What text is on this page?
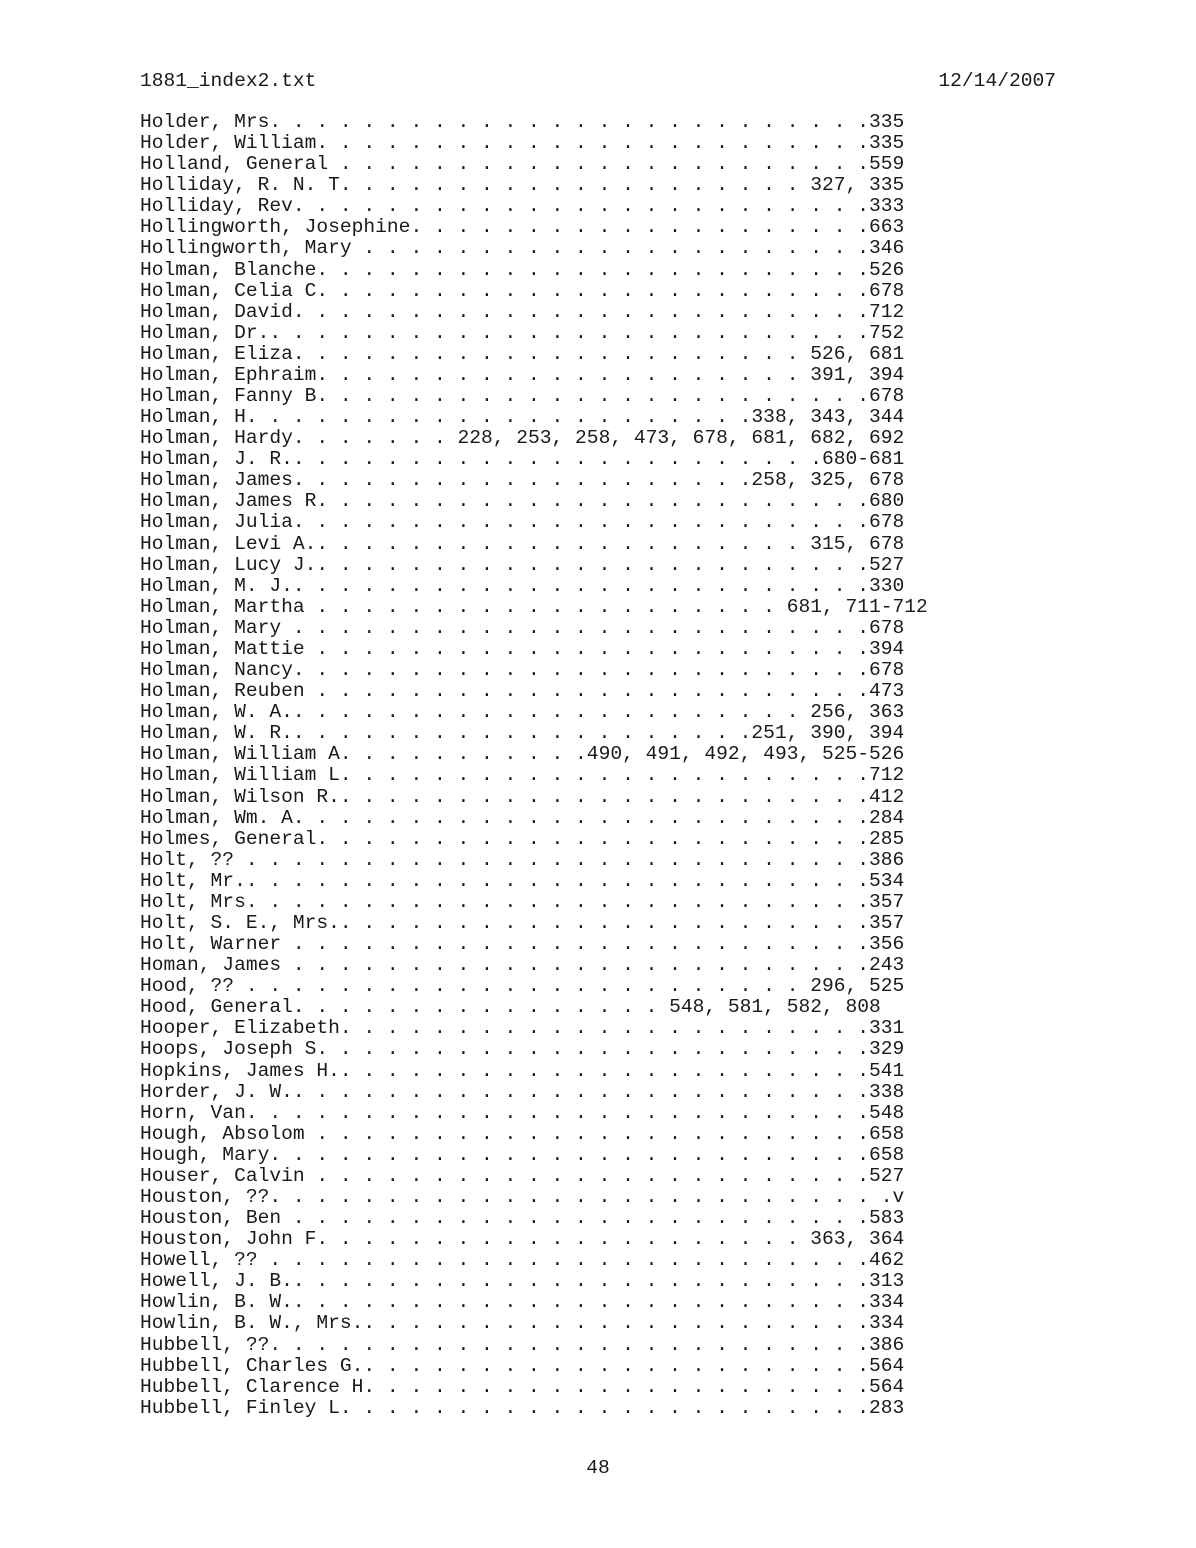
1881_index2.txt	12/14/2007
Holder, Mrs. . . . . . . . . . . . . . . . . . . . . . . . . .335
Holder, William. . . . . . . . . . . . . . . . . . . . . . . .335
Holland, General . . . . . . . . . . . . . . . . . . . . . . .559
Holliday, R. N. T. . . . . . . . . . . . . . . . . . . . 327, 335
Holliday, Rev. . . . . . . . . . . . . . . . . . . . . . . . .333
Hollingworth, Josephine. . . . . . . . . . . . . . . . . . . .663
Hollingworth, Mary . . . . . . . . . . . . . . . . . . . . . .346
Holman, Blanche. . . . . . . . . . . . . . . . . . . . . . . .526
Holman, Celia C. . . . . . . . . . . . . . . . . . . . . . . .678
Holman, David. . . . . . . . . . . . . . . . . . . . . . . . .712
Holman, Dr.. . . . . . . . . . . . . . . . . . . . . . . . . .752
Holman, Eliza. . . . . . . . . . . . . . . . . . . . . . 526, 681
Holman, Ephraim. . . . . . . . . . . . . . . . . . . . . 391, 394
Holman, Fanny B. . . . . . . . . . . . . . . . . . . . . . . .678
Holman, H. . . . . . . . . . . . . . . . . . . . . .338, 343, 344
Holman, Hardy. . . . . . . 228, 253, 258, 473, 678, 681, 682, 692
Holman, J. R.. . . . . . . . . . . . . . . . . . . . . . .680-681
Holman, James. . . . . . . . . . . . . . . . . . . .258, 325, 678
Holman, James R. . . . . . . . . . . . . . . . . . . . . . . .680
Holman, Julia. . . . . . . . . . . . . . . . . . . . . . . . .678
Holman, Levi A.. . . . . . . . . . . . . . . . . . . . . 315, 678
Holman, Lucy J.. . . . . . . . . . . . . . . . . . . . . . . .527
Holman, M. J.. . . . . . . . . . . . . . . . . . . . . . . . .330
Holman, Martha . . . . . . . . . . . . . . . . . . . . 681, 711-712
Holman, Mary . . . . . . . . . . . . . . . . . . . . . . . . .678
Holman, Mattie . . . . . . . . . . . . . . . . . . . . . . . .394
Holman, Nancy. . . . . . . . . . . . . . . . . . . . . . . . .678
Holman, Reuben . . . . . . . . . . . . . . . . . . . . . . . .473
Holman, W. A.. . . . . . . . . . . . . . . . . . . . . . 256, 363
Holman, W. R.. . . . . . . . . . . . . . . . . . . .251, 390, 394
Holman, William A. . . . . . . . . . .490, 491, 492, 493, 525-526
Holman, William L. . . . . . . . . . . . . . . . . . . . . . .712
Holman, Wilson R.. . . . . . . . . . . . . . . . . . . . . . .412
Holman, Wm. A. . . . . . . . . . . . . . . . . . . . . . . . .284
Holmes, General. . . . . . . . . . . . . . . . . . . . . . . .285
Holt, ?? . . . . . . . . . . . . . . . . . . . . . . . . . . .386
Holt, Mr.. . . . . . . . . . . . . . . . . . . . . . . . . . .534
Holt, Mrs. . . . . . . . . . . . . . . . . . . . . . . . . . .357
Holt, S. E., Mrs.. . . . . . . . . . . . . . . . . . . . . . .357
Holt, Warner . . . . . . . . . . . . . . . . . . . . . . . . .356
Homan, James . . . . . . . . . . . . . . . . . . . . . . . . .243
Hood, ?? . . . . . . . . . . . . . . . . . . . . . . . . 296, 525
Hood, General. . . . . . . . . . . . . . . . 548, 581, 582, 808
Hooper, Elizabeth. . . . . . . . . . . . . . . . . . . . . . .331
Hoops, Joseph S. . . . . . . . . . . . . . . . . . . . . . . .329
Hopkins, James H.. . . . . . . . . . . . . . . . . . . . . . .541
Horder, J. W.. . . . . . . . . . . . . . . . . . . . . . . . .338
Horn, Van. . . . . . . . . . . . . . . . . . . . . . . . . . .548
Hough, Absolom . . . . . . . . . . . . . . . . . . . . . . . .658
Hough, Mary. . . . . . . . . . . . . . . . . . . . . . . . . .658
Houser, Calvin . . . . . . . . . . . . . . . . . . . . . . . .527
Houston, ??. . . . . . . . . . . . . . . . . . . . . . . . . . .v
Houston, Ben . . . . . . . . . . . . . . . . . . . . . . . . .583
Houston, John F. . . . . . . . . . . . . . . . . . . . . 363, 364
Howell, ?? . . . . . . . . . . . . . . . . . . . . . . . . . .462
Howell, J. B.. . . . . . . . . . . . . . . . . . . . . . . . .313
Howlin, B. W.. . . . . . . . . . . . . . . . . . . . . . . . .334
Howlin, B. W., Mrs.. . . . . . . . . . . . . . . . . . . . . .334
Hubbell, ??. . . . . . . . . . . . . . . . . . . . . . . . . .386
Hubbell, Charles G.. . . . . . . . . . . . . . . . . . . . . .564
Hubbell, Clarence H. . . . . . . . . . . . . . . . . . . . . .564
Hubbell, Finley L. . . . . . . . . . . . . . . . . . . . . . .283
48
